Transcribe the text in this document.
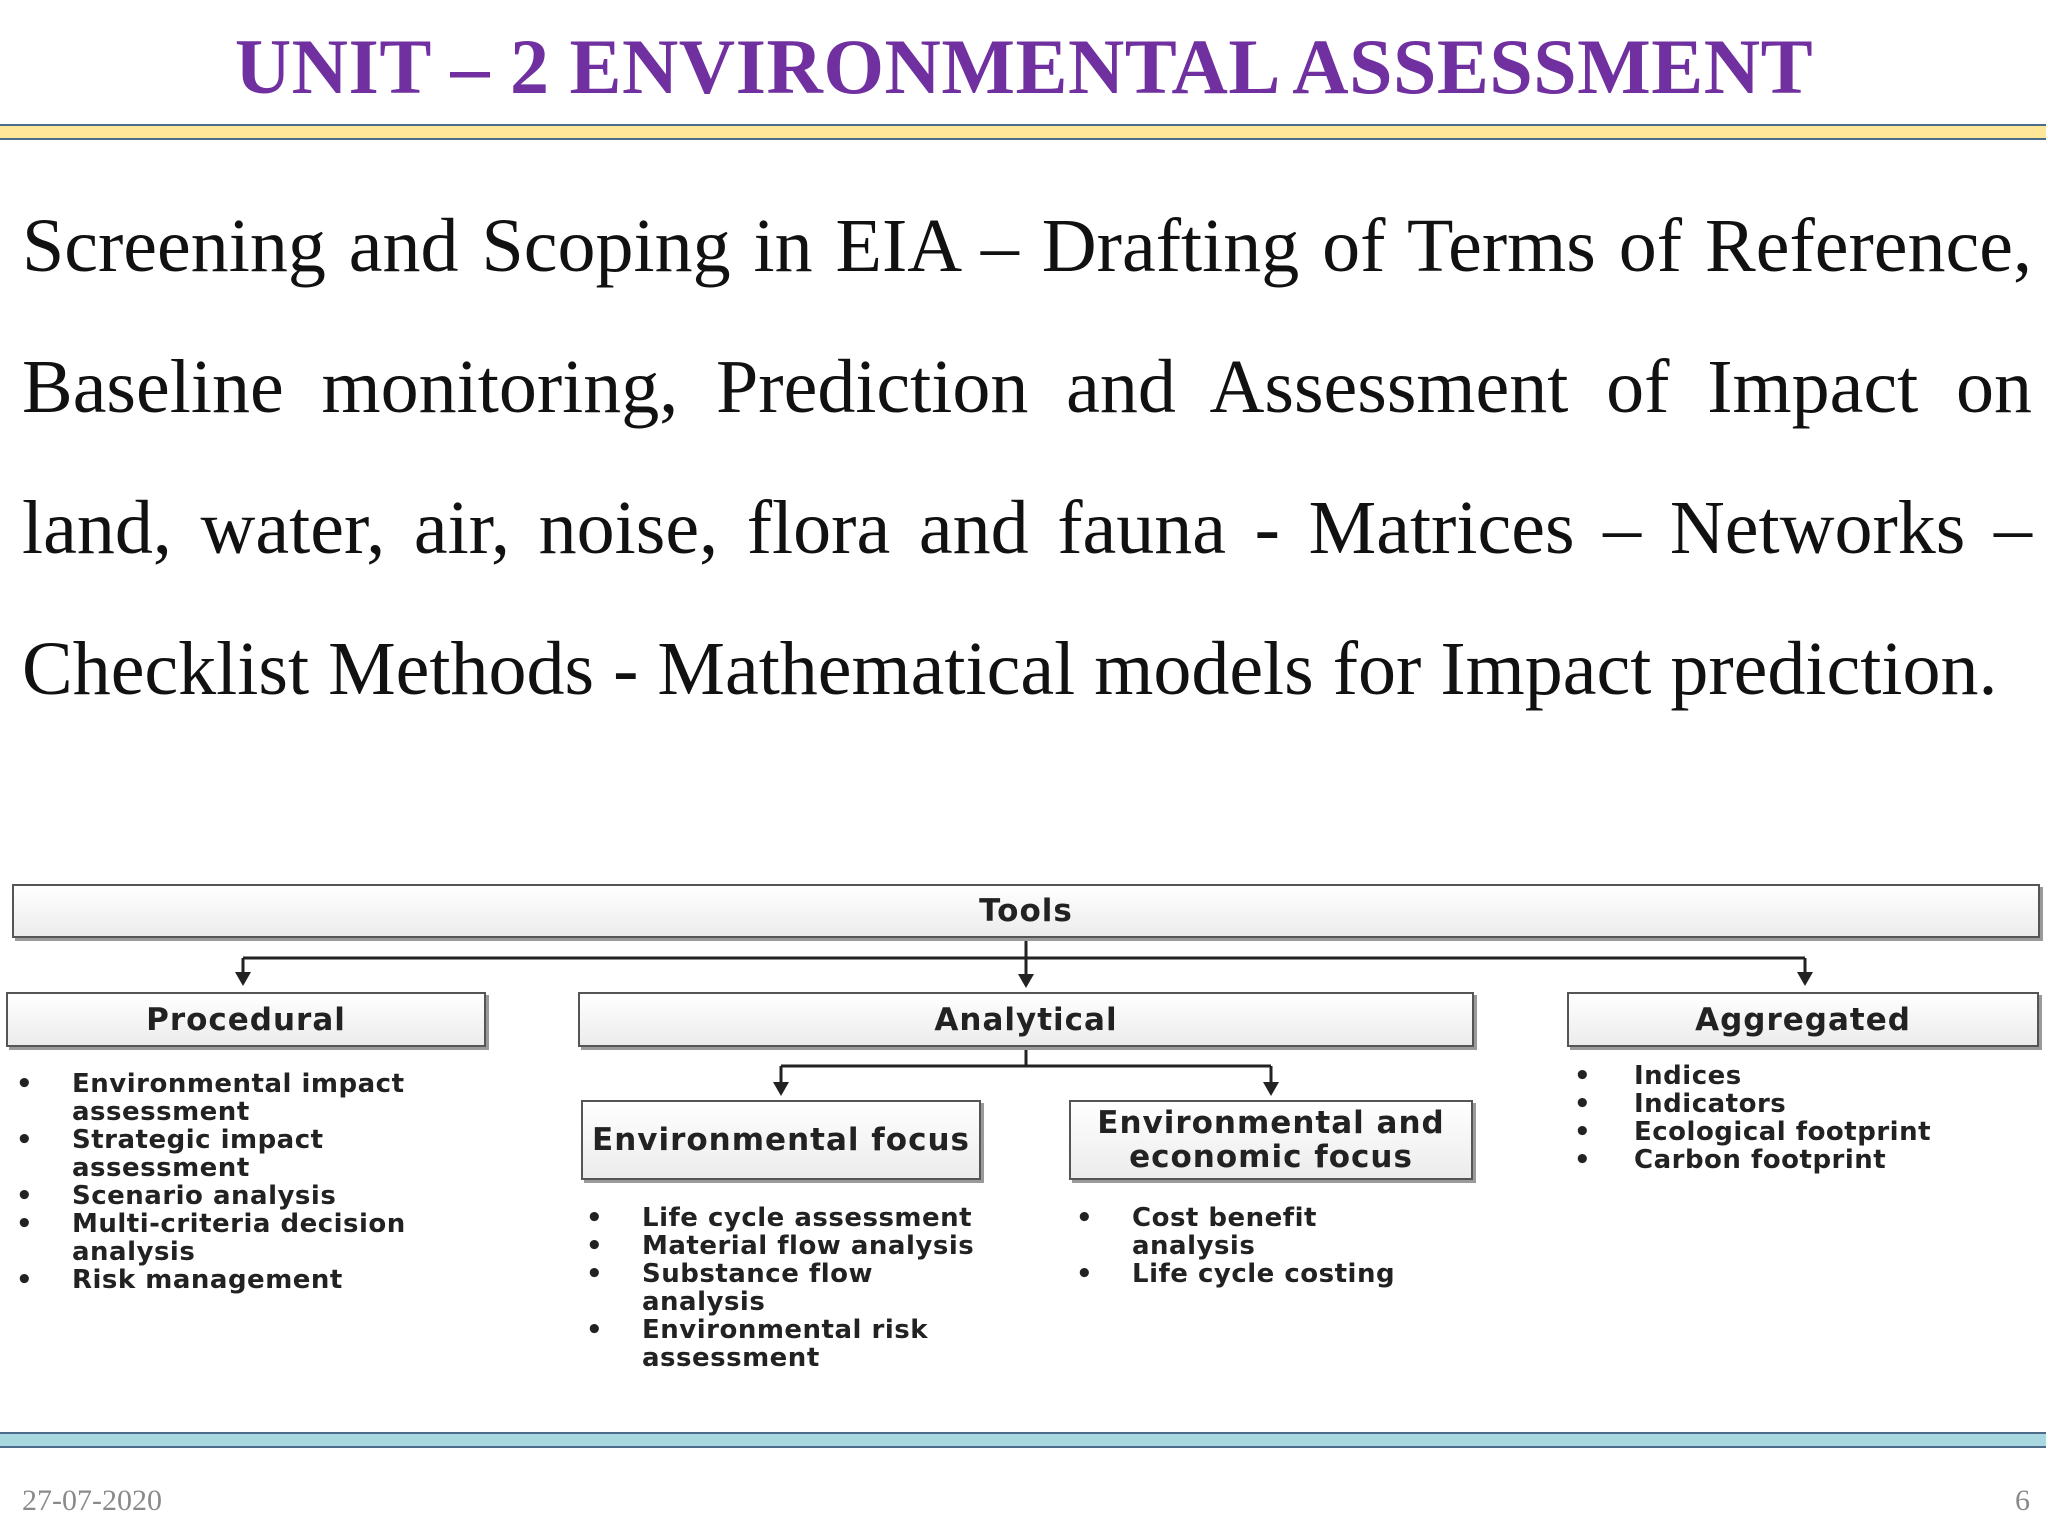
UNIT – 2 ENVIRONMENTAL ASSESSMENT
Screening and Scoping in EIA – Drafting of Terms of Reference, Baseline monitoring, Prediction and Assessment of Impact on land, water, air, noise, flora and fauna - Matrices – Networks – Checklist Methods - Mathematical models for Impact prediction.
Tools
Procedural	Analytical	Aggregated
Environmental focus	Environmental and economic focus
• Environmental impact assessment
• Strategic impact assessment
• Scenario analysis
• Multi-criteria decision analysis
• Risk management
• Life cycle assessment
• Material flow analysis
• Substance flow analysis
• Environmental risk assessment
• Cost benefit analysis
• Life cycle costing
• Indices
• Indicators
• Ecological footprint
• Carbon footprint
27-07-2020	6
